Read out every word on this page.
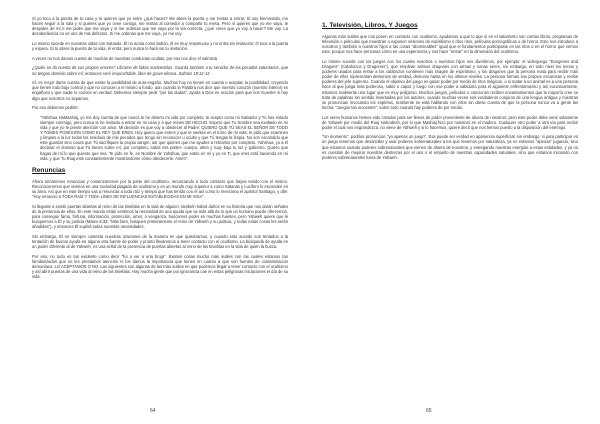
Si yo toco a la puerta de tu casa y tú quieres que yo entre ¿qué haces? Me abres la puerta y me invitas a entrar. Si soy bienvenida, me haces seguir a la sala y si quieres que yo cene contigo, me invitas al comedor a compartir tu mesa. Pero si quieres que yo me vaya, te despides de mí o me pides que me vaya y si me ordenas que me vaya por la vía correcta, ¿qué crees que yo voy a hacer? Me voy. La desobediencia no es uno de mis defectos. Si me ordenas que me vaya, yo me voy.

Lo mismo sucede en nuestras vidas con Satanás. Él no actúa como ladrón, él es muy respetuoso y no entra sin invitación; él toca a la puerta y espera. Si tú abres la puerta de tu vida, él entra; pero nunca lo hará sin tu invitación.

A veces no nos damos cuenta de muchas de nuestras conductas ocultas, por eso nos dice el salmista

¿Quién se da cuenta de sus propios errores? Líbrame de faltas inadvertidas. Guarda también a tu servidor de los pecados voluntarios, que no tengan dominio sobre mí; entonces seré irreprochable, libre de grave ofensa. Salmos 19:12-13

Sí; es mejor darse cuenta de que existe la posibilidad de auto-engaño. Muchos hoy no tienen en cuenta o aceptan la posibilidad, creyendo que tienen todo bajo control y que no conocen a el mismo a fondo, aún cuando la Palabra nos dice que nuestro corazón (nuestro interior) es engañoso y que nadie lo conoce en verdad. Debemos siempre pedir "por las dudas", ayuda a Dios en oración para que nos muestre si hay algo que nosotros no sepamos.

Por eso debemos pedirle:

"Yahshua HaMashiaj, yo me doy cuenta de que nunca te he abierto mi vida por completo, te acepto como mi Salvador y Tú has estado siempre conmigo, pero nunca te he invitado a entrar en mi casa y a que reines DE HECHO. Espero que Tu Nombre sea exaltado en mi vida y que yo te preste atención con amor. Mi decisión es que voy a obedecer al Padre: QUIERO QUE TÚ SEAS EL SEÑOR DE TODO Y TOMES POSESIÓN COMO EL REY QUE ERES. Hoy quiero que entres y que te sientes en el trono de mi vida; te pido que examines y limpies a la luz todos los residuos de mis pecados que tengo sin reconocer u oculto y que Tú tengas la limpia. No son escondido que este guardar sino cosas que Tú sacrifiques tu propia sangre; así que quieres que me ayudes a retirarlos por completo. Yahshua, yo a él declarar el dominio que Tú tienes sobre mí, por completo, todas mis partes -cuerpo, alma y ruaj- bajo tu luz y gobierno. Quiero que hagas de mí lo que quieras que sea. Te pido en fe, en Nombre de Yahshua, que estés en mi y yo en Ti, que eres está haciendo en mí vida, y que Tu Ruaj esté constantemente mostrándome cómo obedecerte. Amén".

Renuncias

Ahora tomaremos renuncias y comenzaremos por la parte del ocultismo, renunciando a todo contacto que hayas tenido con el mismo. Reconoceremos que vivimos en una sociedad plagada de ocultismo y es un mundo muy superior a como Satanás y Lucifero lo esconden en su área. Así que en este tiempo vas a renunciar a toda raíz y tiempo que has tenido con él así como lo menciona el apóstol Santiago, y dile: "Hoy renuncio a TODA RAÍZ Y TODA LÍNEA DE INFLUENCIAS ESTABLECIDAS EN MI VIDA".

Si llegaste a existir puertas abiertas al reino de las tinieblas en la vida de alguien, también habrá daños en su historia que nos darán señales de la presencia de ellos. En este mundo están sentimos la necesidad de una ayuda que va más allá de lo que un humano puede ofrecernos, para conseguir fama, fortuna, información, protección, amor, o venganza, buscamos poder en muchas fuentes, pero Yahweh quiere que le busquemos a Él y su justicia (Mateo 6:33: "Más bien, busquen primeramente el reino de Yahweh y su justicia, y todas estas cosas les serán añadidas"), y entonces Él suplirá todas nuestras necesidades.

Sin embargo, Él no siempre contesta nuestras oraciones de la manera en que quisiéramos, y cuando esto sucede son tentados a la tentación de buscar ayuda en alguna otra fuente de poder y pronto llevaremos a tener contacto con el ocultismo. La búsqueda de ayuda en un poder diferente al de Yahweh, es una señal de la presencia de puertas abiertas al reino de las tinieblas en la vida de quien la busca.

Por eso, no todo es tan evidente como decir "fui a ver a una bruja". Existen cosas mucho más sutiles con las cuales estamos tan familiarizados que no les prestamos atención ni los damos la importancia que tienen en cuanto a que son fuentes de contaminación demoníaca: LO ACEPTAMOS O NO. Las siguientes son algunas de las más sutiles en que podemos llegar a tener contacto con el ocultismo y así abrir puertas de una vida al reino de las tinieblas. Hay mucha gente que por ignorancia cae en estas peligrosas iniciaciones el día de su vida.

64
1. Televisión, Libros, Y Juegos

Algunas más sutiles que nos ponen en contacto con ocultismo, ayudamos a que lo que sí en el satanismo son ciertas libros, programas de televisión o películas que muestran o exponen sesiones de espiritismo o ritos ritos, películas pornográficas o de horror. Esto nos introduce a nosotros y también a nuestros hijos a las cosas "abominables" igual que el fundamentos participaste en las ritos o en el horror que vemos este, porque nos hace personas cómo en una experiencia y nos hace "entrar" en la dimensión del ocultismo.

Lo mismo sucede con los juegos con los cuales nosotros o nuestros hijos nos divertimos, por ejemplo: el videojuego "Dungeons and Dragons" (Calabozos y Dragones"), que emplean salmos dragones con armas y sonas seres, sin embargo, en todo nivel los reinos y poderes usados para entrar a los calabozos contienen más imagen de espiritismo, y los dragones que la persona mata para recibir más poder de ellos representan demonios de verdad, demonio hasta en los últimos niveles. La persona formas sus propios escarosas y recibe poderes del jefe supremo. Cuando el objetivo del juego es ganar poder por medio de ritos mágicos, o si matar a un animal es a una persona hace al que juega más poderoso, sabio o capaz y luego con ese poder a sabiduría para el siguiente enfrentamiento y así sucesivamente, estamos realmente una lugar que es muy peligroso. Muchos juegos, películas o canciones reciben encantamientos que la mayoría cree se trata de palabras sin sentido inventadas por los autores, cuando muchas veces son verdaderos conjuros de una lengua antigua y mientras se pronuncian invocando los espíritus, realmente se está hablando con ellos sin darse cuenta de que la persona nunca va a gente las hecha. "Juegos tan inocentes", sobre todo cuando hay poderes de por medio.

Los seres humanos hemos sido creados para ser llenos de poder proveniente de afuera de nosotros; pero este poder debe venir solamente de Yahweh por medio del Ruaj HaKodesh, por lo que Mashiaj hizo por nosotros en el madero. Cualquier otro poder a otra vía para recibir poder el cual nos engrandezca, no viene de Yahweh y si lo hacemos, quiere decir que nos hemos puesto a la disposición del enemigo.

"Un momento", podrías pronunciar, "yo apenas un juego". Esa puede ser verdad en apariencia superficial; sin embargo, si para participar en un juego tenemos que desarrollar y usar poderes sobrenaturales a los que tenemos por naturaleza, ya no estamos "apenas" jugando, sino que estamos usando poderes sobrenaturales que vienen de afuera de nosotros, y entregando nuestras energías a estas entidades, y ya no es cuestión de mejorar nuestras destrezas por el uso o el empeño de nuestras capacidades naturales, sino que estamos iniciando con poderes sobrenaturales fuera de Yahweh.

65
